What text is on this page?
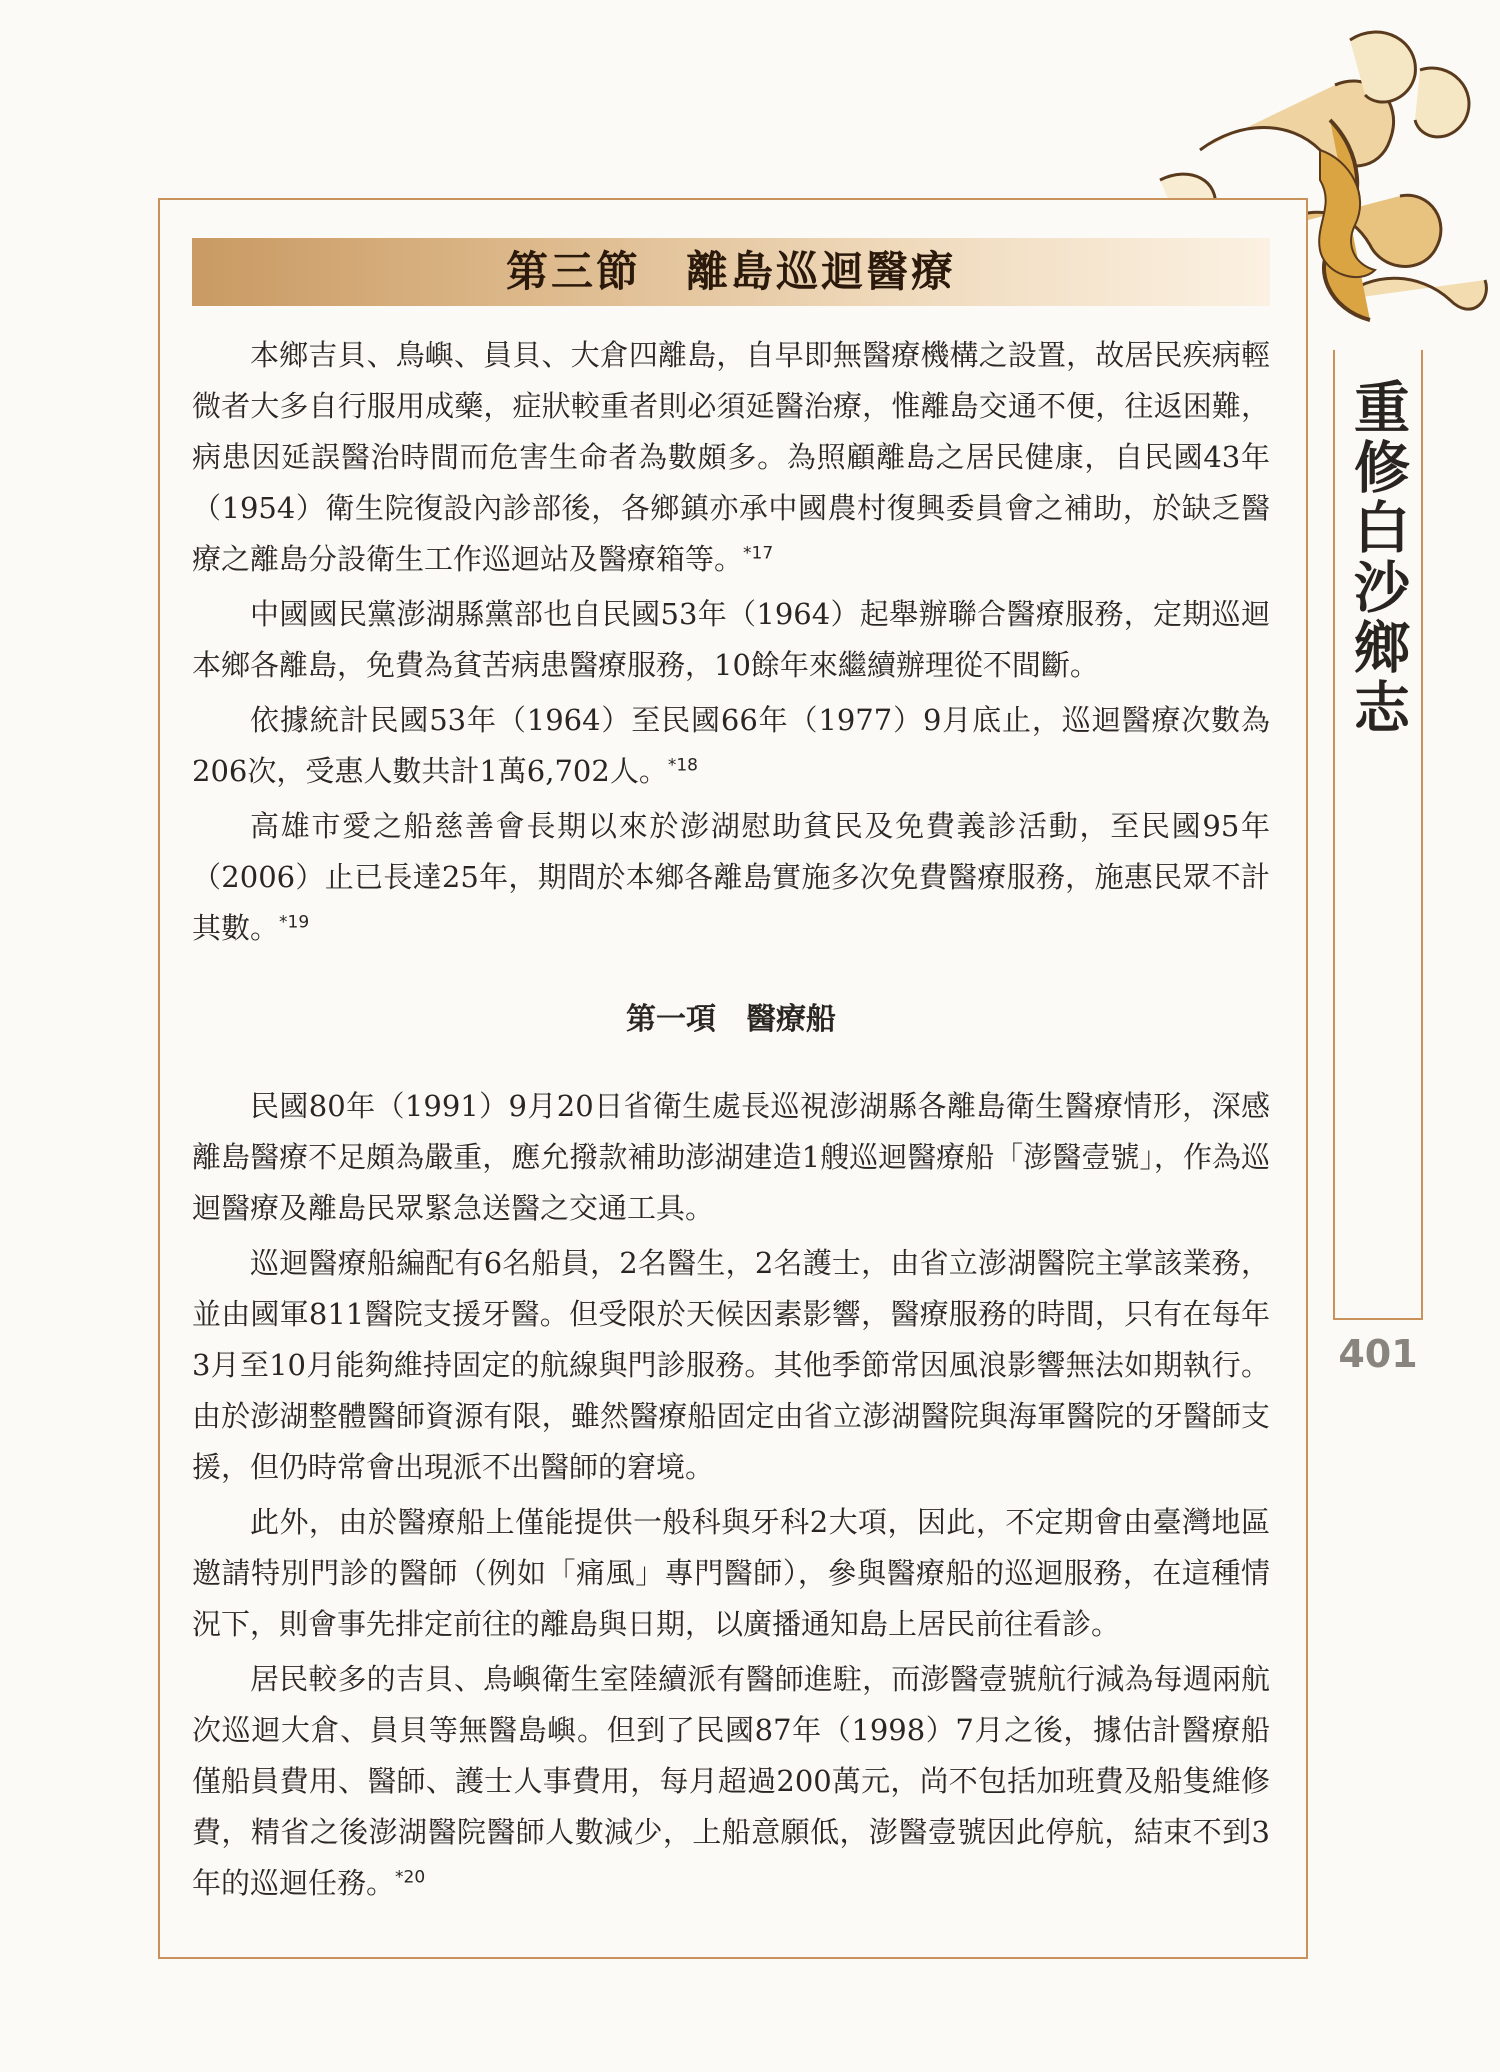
第三節　離島巡迴醫療

本鄉吉貝、鳥嶼、員貝、大倉四離島，自早即無醫療機構之設置，故居民疾病輕微者大多自行服用成藥，症狀較重者則必須延醫治療，惟離島交通不便，往返困難，病患因延誤醫治時間而危害生命者為數頗多。為照顧離島之居民健康，自民國43年（1954）衛生院復設內診部後，各鄉鎮亦承中國農村復興委員會之補助，於缺乏醫療之離島分設衛生工作巡迴站及醫療箱等。$^{*17}$

中國國民黨澎湖縣黨部也自民國53年（1964）起舉辦聯合醫療服務，定期巡迴本鄉各離島，免費為貧苦病患醫療服務，10餘年來繼續辦理從不間斷。

依據統計民國53年（1964）至民國66年（1977）9月底止，巡迴醫療次數為206次，受惠人數共計1萬6,702人。$^{*18}$

高雄市愛之船慈善會長期以來於澎湖慰助貧民及免費義診活動，至民國95年（2006）止已長達25年，期間於本鄉各離島實施多次免費醫療服務，施惠民眾不計其數。$^{*19}$

第一項　醫療船

民國80年（1991）9月20日省衛生處長巡視澎湖縣各離島衛生醫療情形，深感離島醫療不足頗為嚴重，應允撥款補助澎湖建造1艘巡迴醫療船「澎醫壹號」，作為巡迴醫療及離島民眾緊急送醫之交通工具。

巡迴醫療船編配有6名船員，2名醫生，2名護士，由省立澎湖醫院主掌該業務，並由國軍811醫院支援牙醫。但受限於天候因素影響，醫療服務的時間，只有在每年3月至10月能夠維持固定的航線與門診服務。其他季節常因風浪影響無法如期執行。由於澎湖整體醫師資源有限，雖然醫療船固定由省立澎湖醫院與海軍醫院的牙醫師支援，但仍時常會出現派不出醫師的窘境。

此外，由於醫療船上僅能提供一般科與牙科2大項，因此，不定期會由臺灣地區邀請特別門診的醫師（例如「痛風」專門醫師），參與醫療船的巡迴服務，在這種情況下，則會事先排定前往的離島與日期，以廣播通知島上居民前往看診。

居民較多的吉貝、鳥嶼衛生室陸續派有醫師進駐，而澎醫壹號航行減為每週兩航次巡迴大倉、員貝等無醫島嶼。但到了民國87年（1998）7月之後，據估計醫療船僅船員費用、醫師、護士人事費用，每月超過200萬元，尚不包括加班費及船隻維修費，精省之後澎湖醫院醫師人數減少，上船意願低，澎醫壹號因此停航，結束不到3年的巡迴任務。$^{*20}$

重修白沙鄉志
401
